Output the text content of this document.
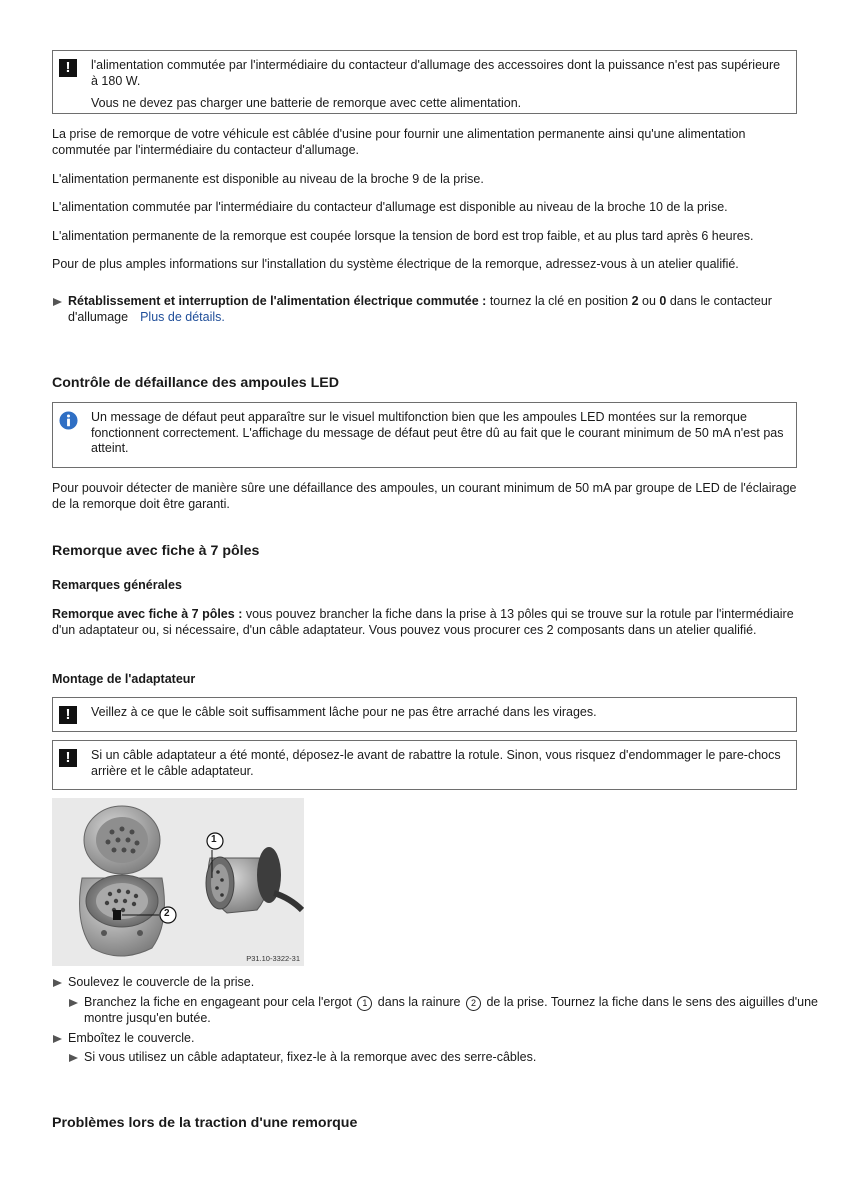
!	l'alimentation commutée par l'intermédiaire du contacteur d'allumage des accessoires dont la puissance n'est pas supérieure à 180 W.

Vous ne devez pas charger une batterie de remorque avec cette alimentation.

La prise de remorque de votre véhicule est câblée d'usine pour fournir une alimentation permanente ainsi qu'une alimentation commutée par l'intermédiaire du contacteur d'allumage.

L'alimentation permanente est disponible au niveau de la broche 9 de la prise.

L'alimentation commutée par l'intermédiaire du contacteur d'allumage est disponible au niveau de la broche 10 de la prise.

L'alimentation permanente de la remorque est coupée lorsque la tension de bord est trop faible, et au plus tard après 6 heures.

Pour de plus amples informations sur l'installation du système électrique de la remorque, adressez-vous à un atelier qualifié.

Rétablissement et interruption de l'alimentation électrique commutée : tournez la clé en position 2 ou 0 dans le contacteur d'allumage Plus de détails.
Contrôle de défaillance des ampoules LED

Un message de défaut peut apparaître sur le visuel multifonction bien que les ampoules LED montées sur la remorque fonctionnent correctement. L'affichage du message de défaut peut être dû au fait que le courant minimum de 50 mA n'est pas atteint.

Pour pouvoir détecter de manière sûre une défaillance des ampoules, un courant minimum de 50 mA par groupe de LED de l'éclairage de la remorque doit être garanti.

Remorque avec fiche à 7 pôles
Remarques générales

Remorque avec fiche à 7 pôles : vous pouvez brancher la fiche dans la prise à 13 pôles qui se trouve sur la rotule par l'intermédiaire d'un adaptateur ou, si nécessaire, d'un câble adaptateur. Vous pouvez vous procurer ces 2 composants dans un atelier qualifié.

Montage de l'adaptateur
!	Veillez à ce que le câble soit suffisamment lâche pour ne pas être arraché dans les virages.

!	Si un câble adaptateur a été monté, déposez-le avant de rabattre la rotule. Sinon, vous risquez d'endommager le pare-chocs arrière et le câble adaptateur.

1
2
P31.10-3322-31
Soulevez le couvercle de la prise.
Branchez la fiche en engageant pour cela l'ergot 1 dans la rainure 2 de la prise. Tournez la fiche dans le sens des aiguilles d'une montre jusqu'en butée.
Emboîtez le couvercle.
Si vous utilisez un câble adaptateur, fixez-le à la remorque avec des serre-câbles.
Problèmes lors de la traction d'une remorque
